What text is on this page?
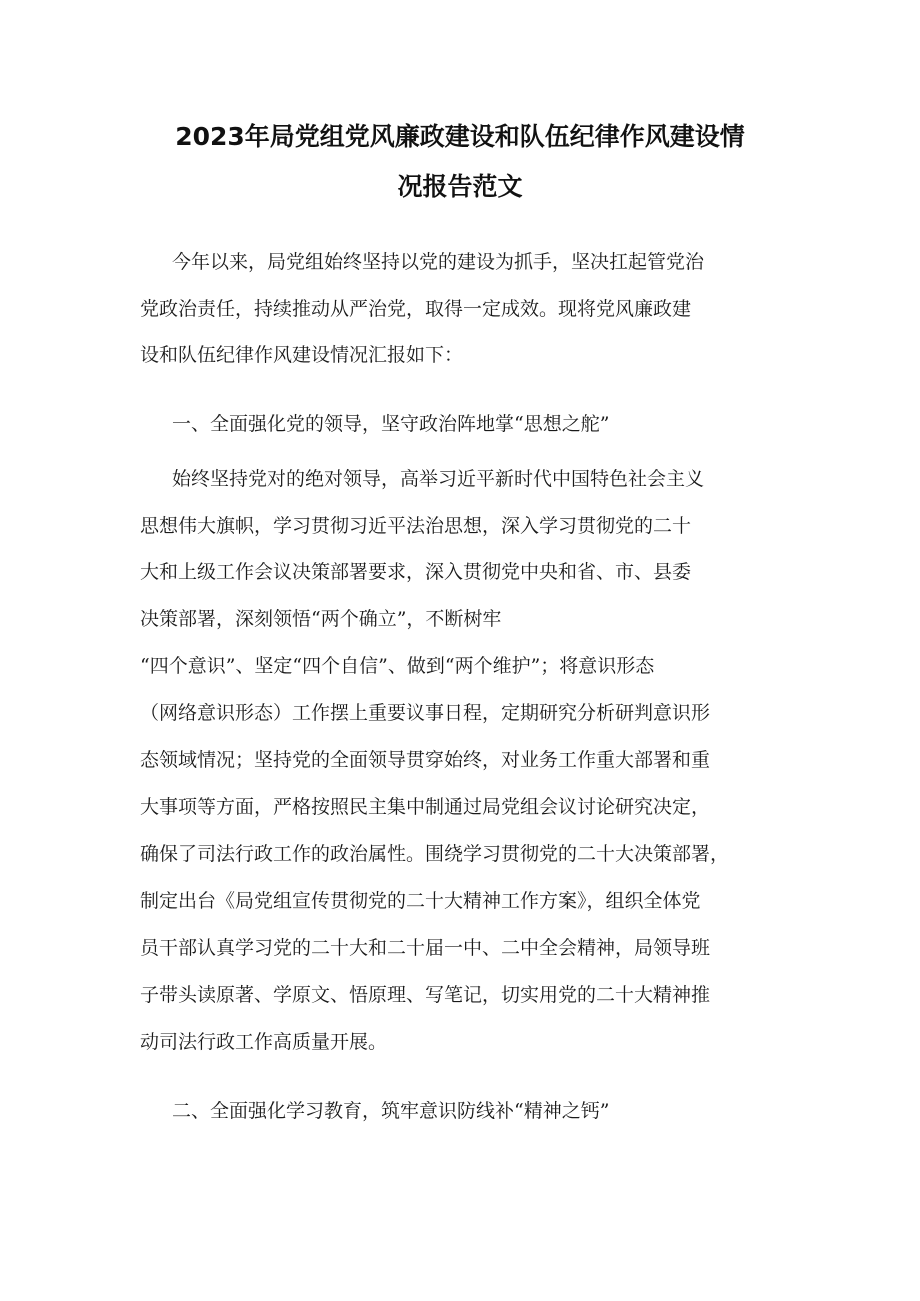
2023年局党组党风廉政建设和队伍纪律作风建设情
况报告范文

今年以来，局党组始终坚持以党的建设为抓手，坚决扛起管党治

党政治责任，持续推动从严治党，取得一定成效。现将党风廉政建

设和队伍纪律作风建设情况汇报如下：

一、全面强化党的领导，坚守政治阵地掌“思想之舵”

始终坚持党对的绝对领导，高举习近平新时代中国特色社会主义

思想伟大旗帜，学习贯彻习近平法治思想，深入学习贯彻党的二十

大和上级工作会议决策部署要求，深入贯彻党中央和省、市、县委

决策部署，深刻领悟“两个确立”，不断树牢

“四个意识”、坚定“四个自信”、做到“两个维护”；将意识形态

（网络意识形态）工作摆上重要议事日程，定期研究分析研判意识形

态领域情况；坚持党的全面领导贯穿始终，对业务工作重大部署和重

大事项等方面，严格按照民主集中制通过局党组会议讨论研究决定，

确保了司法行政工作的政治属性。围绕学习贯彻党的二十大决策部署，

制定出台《局党组宣传贯彻党的二十大精神工作方案》，组织全体党

员干部认真学习党的二十大和二十届一中、二中全会精神，局领导班

子带头读原著、学原文、悟原理、写笔记，切实用党的二十大精神推

动司法行政工作高质量开展。

二、全面强化学习教育，筑牢意识防线补“精神之钙”
